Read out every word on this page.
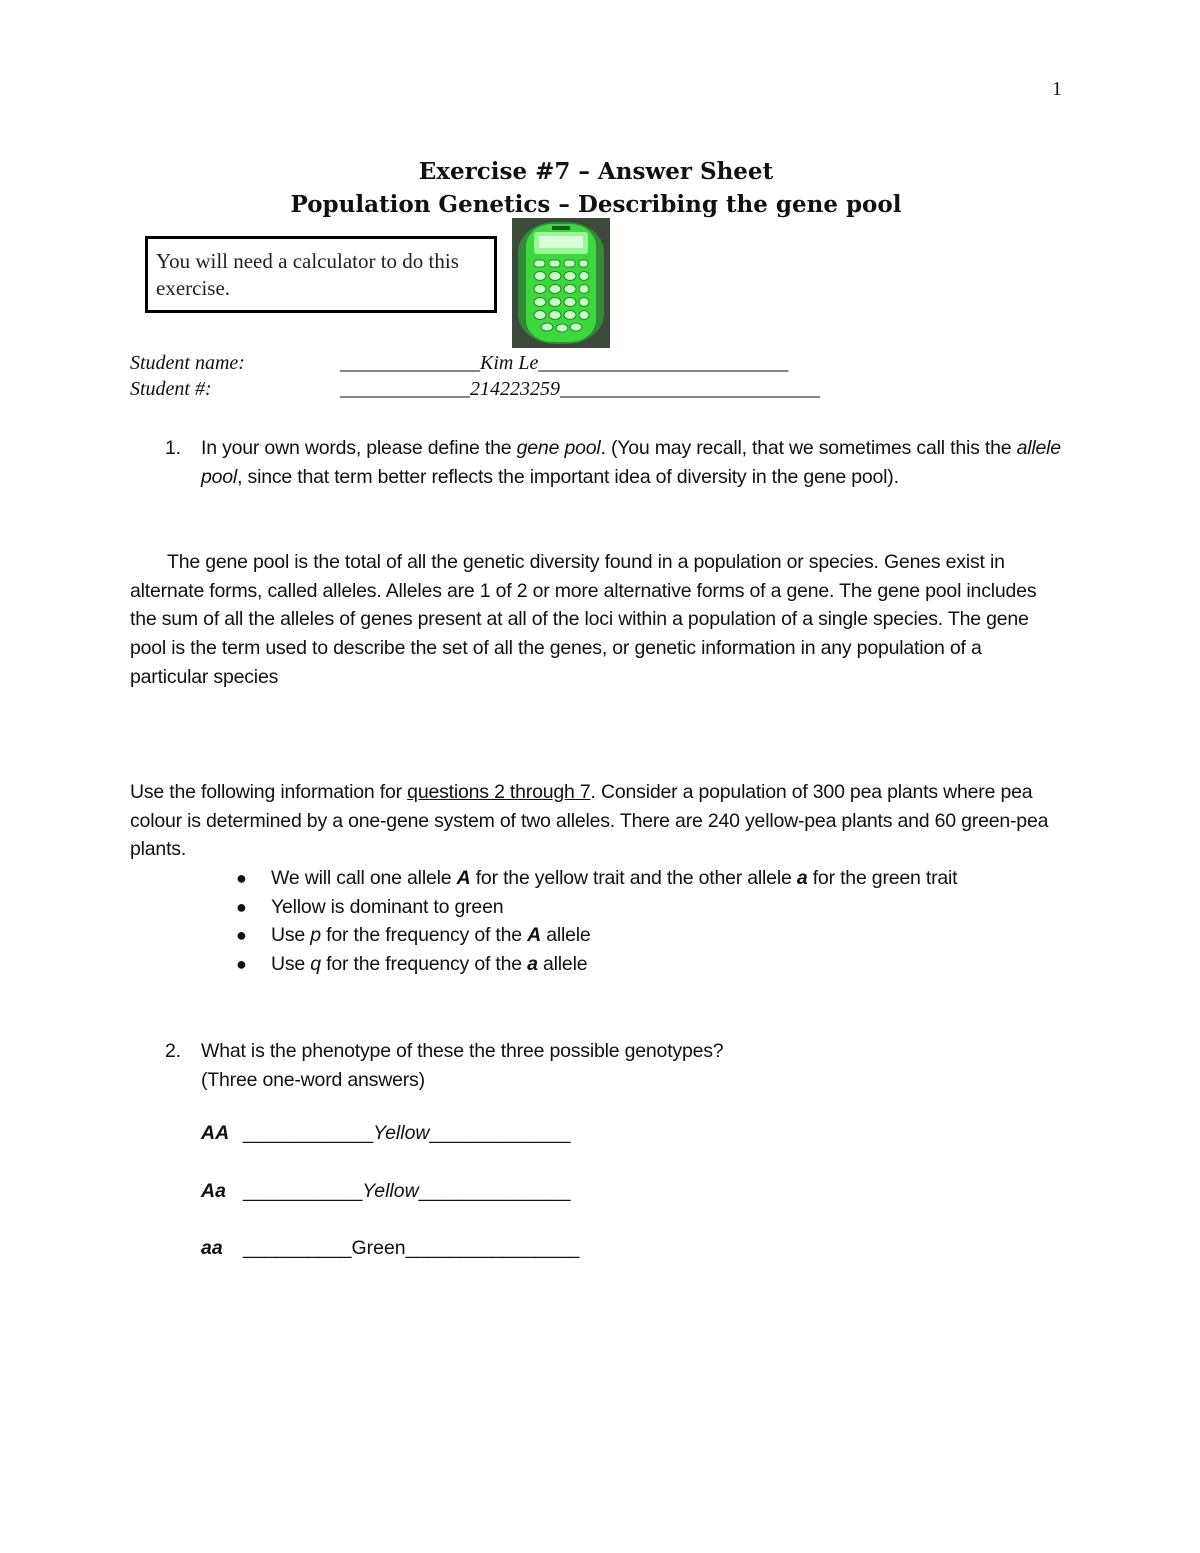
1
Exercise #7 – Answer Sheet
Population Genetics – Describing the gene pool
You will need a calculator to do this exercise.
Student name:	______________Kim Le_________________________
Student #:	_____________214223259__________________________
1. In your own words, please define the gene pool. (You may recall, that we sometimes call this the allele pool, since that term better reflects the important idea of diversity in the gene pool).
The gene pool is the total of all the genetic diversity found in a population or species. Genes exist in alternate forms, called alleles. Alleles are 1 of 2 or more alternative forms of a gene. The gene pool includes the sum of all the alleles of genes present at all of the loci within a population of a single species. The gene pool is the term used to describe the set of all the genes, or genetic information in any population of a particular species
Use the following information for questions 2 through 7. Consider a population of 300 pea plants where pea colour is determined by a one-gene system of two alleles. There are 240 yellow-pea plants and 60 green-pea plants.
● We will call one allele A for the yellow trait and the other allele a for the green trait
● Yellow is dominant to green
● Use p for the frequency of the A allele
● Use q for the frequency of the a allele
2. What is the phenotype of these the three possible genotypes?
(Three one-word answers)
AA ____________Yellow_____________
Aa ___________Yellow______________
aa __________Green________________
